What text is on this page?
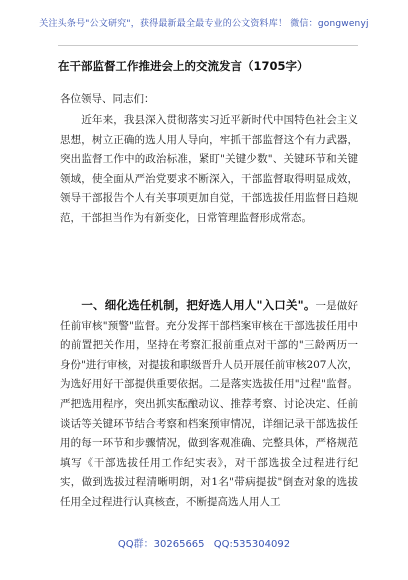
关注头条号"公文研究"，获得最新最全最专业的公文资料库！ 微信：gongwenyj
在干部监督工作推进会上的交流发言（1705字）
各位领导、同志们：

　　近年来，我县深入贯彻落实习近平新时代中国特色社会主义思想，树立正确的选人用人导向，牢抓干部监督这个有力武器，突出监督工作中的政治标准，紧盯"关键少数"、关键环节和关键领域，使全面从严治党要求不断深入，干部监督取得明显成效，领导干部报告个人有关事项更加自觉，干部选拔任用监督日趋规范，干部担当作为有新变化，日常管理监督形成常态。

　　一、细化选任机制，把好选人用人"入口关"。一是做好任前审核"预警"监督。充分发挥干部档案审核在干部选拔任用中的前置把关作用，坚持在考察汇报前重点对干部的"三龄两历一身份"进行审核，对提拔和职级晋升人员开展任前审核207人次，为选好用好干部提供重要依据。二是落实选拔任用"过程"监督。严把选用程序，突出抓实酝酿动议、推荐考察、讨论决定、任前谈话等关键环节结合考察和档案预审情况，详细记录干部选拔任用的每一环节和步骤情况，做到客观准确、完整具体，严格规范填写《干部选拔任用工作纪实表》，对干部选拔全过程进行纪实，做到选拔过程清晰明朗，对1名"带病提拔"倒查对象的选拔任用全过程进行认真核查，不断提高选人用人工

QQ群：30265665 QQ:535304092
